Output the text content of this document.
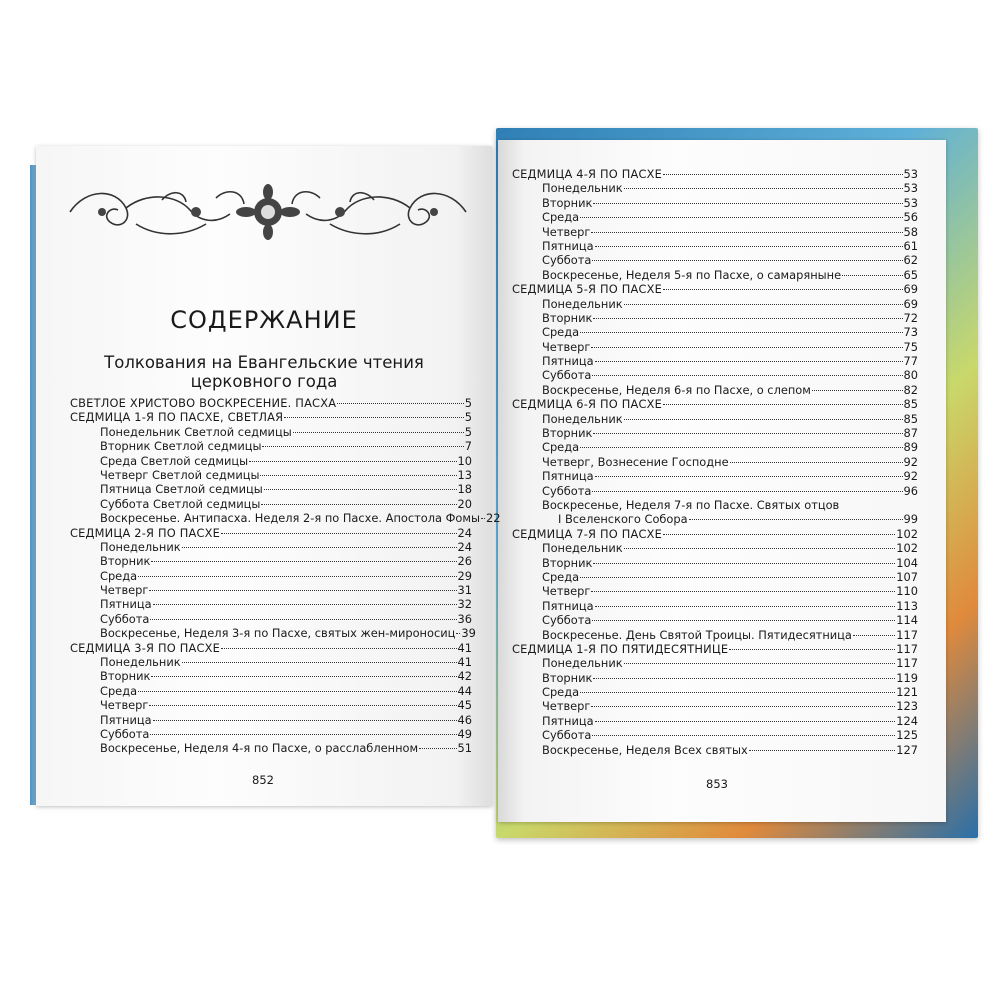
СОДЕРЖАНИЕ
Толкования на Евангельские чтения
церковного года
СВЕТЛОЕ ХРИСТОВО ВОСКРЕСЕНИЕ. ПАСХА	5
СЕДМИЦА 1-Я ПО ПАСХЕ, СВЕТЛАЯ	5
Понедельник Светлой седмицы	5
Вторник Светлой седмицы	7
Среда Светлой седмицы	10
Четверг Светлой седмицы	13
Пятница Светлой седмицы	18
Суббота Светлой седмицы	20
Воскресенье. Антипасха. Неделя 2-я по Пасхе. Апостола Фомы 22
СЕДМИЦА 2-Я ПО ПАСХЕ	24
Понедельник	24
Вторник	26
Среда	29
Четверг	31
Пятница	32
Суббота	36
Воскресенье, Неделя 3-я по Пасхе, святых жен-мироносиц 39
СЕДМИЦА 3-Я ПО ПАСХЕ	41
Понедельник	41
Вторник	42
Среда	44
Четверг	45
Пятница	46
Суббота	49
Воскресенье, Неделя 4-я по Пасхе, о расслабленном	51
СЕДМИЦА 4-Я ПО ПАСХЕ	53
Понедельник	53
Вторник	53
Среда	56
Четверг	58
Пятница	61
Суббота	62
Воскресенье, Неделя 5-я по Пасхе, о самаряныне	65
СЕДМИЦА 5-Я ПО ПАСХЕ	69
Понедельник	69
Вторник	72
Среда	73
Четверг	75
Пятница	77
Суббота	80
Воскресенье, Неделя 6-я по Пасхе, о слепом	82
СЕДМИЦА 6-Я ПО ПАСХЕ	85
Понедельник	85
Вторник	87
Среда	89
Четверг, Вознесение Господне	92
Пятница	92
Суббота	96
Воскресенье, Неделя 7-я по Пасхе. Святых отцов
I Вселенского Собора	99
СЕДМИЦА 7-Я ПО ПАСХЕ	102
Понедельник	102
Вторник	104
Среда	107
Четверг	110
Пятница	113
Суббота	114
Воскресенье. День Святой Троицы. Пятидесятница	117
СЕДМИЦА 1-Я ПО ПЯТИДЕСЯТНИЦЕ	117
Понедельник	117
Вторник	119
Среда	121
Четверг	123
Пятница	124
Суббота	125
Воскресенье, Неделя Всех святых	127
852	853
